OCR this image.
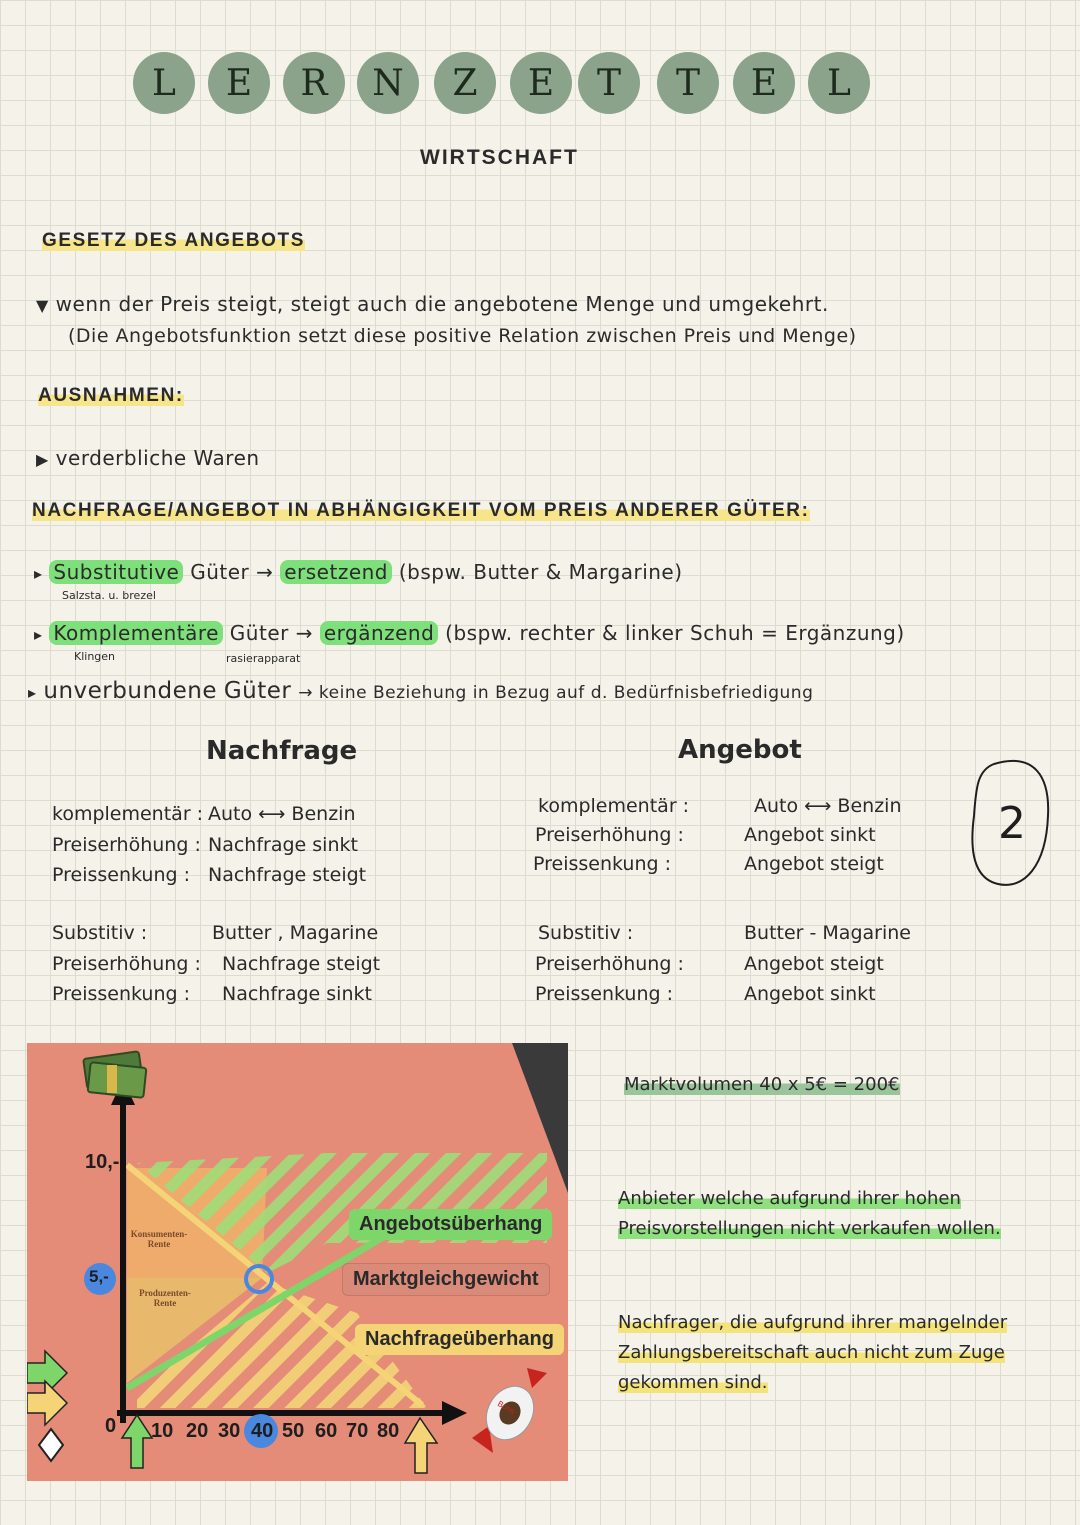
L	E	R	N	Z	E	T	T	E	L
WIRTSCHAFT
GESETZ DES ANGEBOTS
▼ wenn der Preis steigt, steigt auch die angebotene Menge und umgekehrt.
(Die Angebotsfunktion setzt diese positive Relation zwischen Preis und Menge)
AUSNAHMEN:
▶ verderbliche Waren
NACHFRAGE/ANGEBOT IN ABHÄNGIGKEIT VOM PREIS ANDERER GÜTER:
▸ Substitutive Güter → ersetzend (bspw. Butter & Margarine)
Salzsta. u. brezel
▸ Komplementäre Güter → ergänzend (bspw. rechter & linker Schuh = Ergänzung)
Klingen	rasierapparat
▸ unverbundene Güter → keine Beziehung in Bezug auf d. Bedürfnisbefriedigung
Nachfrage	Angebot
komplementär : Auto ⟷ Benzin
Preiserhöhung : Nachfrage sinkt
Preissenkung : Nachfrage steigt
Substitiv :	Butter , Magarine
Preiserhöhung : Nachfrage steigt
Preissenkung : Nachfrage sinkt
komplementär :	Auto ⟷ Benzin
Preiserhöhung :	Angebot sinkt
Preissenkung :	Angebot steigt
Substitiv :	Butter - Magarine
Preiserhöhung :	Angebot steigt
Preissenkung :	Angebot sinkt
2
10,-
5,-
0 10 20 30 40 50 60 70 80
Konsumenten-Rente
Produzenten-Rente
Angebotsüberhang
Marktgleichgewicht
Nachfrageüberhang
Bons
Marktvolumen 40 x 5€ = 200€
Anbieter welche aufgrund ihrer hohen
Preisvorstellungen nicht verkaufen wollen.
Nachfrager, die aufgrund ihrer mangelnder
Zahlungsbereitschaft auch nicht zum Zuge
gekommen sind.
